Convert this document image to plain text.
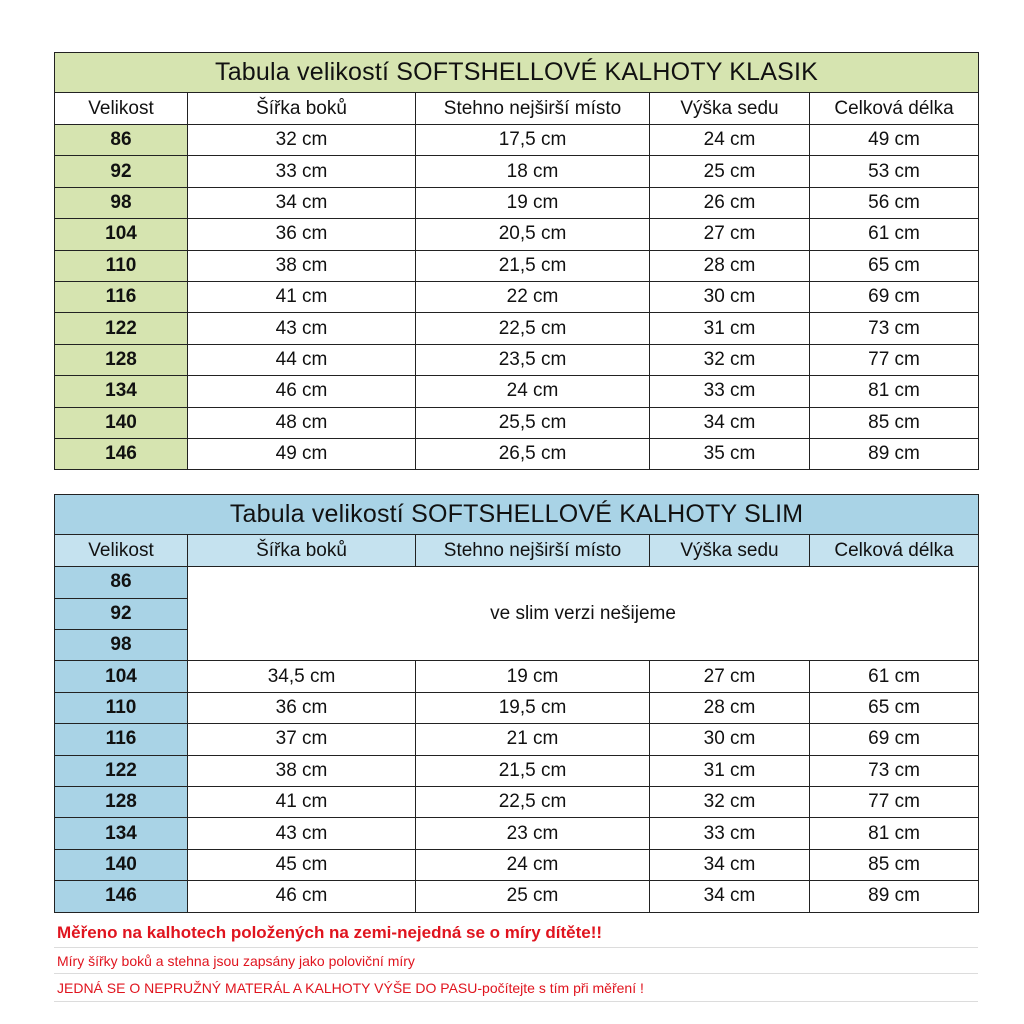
Tabula velikostí SOFTSHELLOVÉ KALHOTY KLASIK				
Velikost	Šířka boků	Stehno nejširší místo	Výška sedu	Celková délka
86	32 cm	17,5 cm	24 cm	49 cm
92	33 cm	18 cm	25 cm	53 cm
98	34 cm	19 cm	26 cm	56 cm
104	36 cm	20,5 cm	27 cm	61 cm
110	38 cm	21,5 cm	28 cm	65 cm
116	41 cm	22 cm	30 cm	69 cm
122	43 cm	22,5 cm	31 cm	73 cm
128	44 cm	23,5 cm	32 cm	77 cm
134	46 cm	24 cm	33 cm	81 cm
140	48 cm	25,5 cm	34 cm	85 cm
146	49 cm	26,5 cm	35 cm	89 cm
Tabula velikostí SOFTSHELLOVÉ KALHOTY SLIM				
Velikost	Šířka boků	Stehno nejširší místo	Výška sedu	Celková délka
86	ve slim verzi nešijeme			
92				
98				
104	34,5 cm	19 cm	27 cm	61 cm
110	36 cm	19,5 cm	28 cm	65 cm
116	37 cm	21 cm	30 cm	69 cm
122	38 cm	21,5 cm	31 cm	73 cm
128	41 cm	22,5 cm	32 cm	77 cm
134	43 cm	23 cm	33 cm	81 cm
140	45 cm	24 cm	34 cm	85 cm
146	46 cm	25 cm	34 cm	89 cm
Měřeno na kalhotech položených na zemi-nejedná se o míry dítěte!!
Míry šířky boků a stehna jsou zapsány jako poloviční míry
JEDNÁ SE O NEPRUŽNÝ MATERÁL A KALHOTY VÝŠE DO PASU-počítejte s tím při měření !
